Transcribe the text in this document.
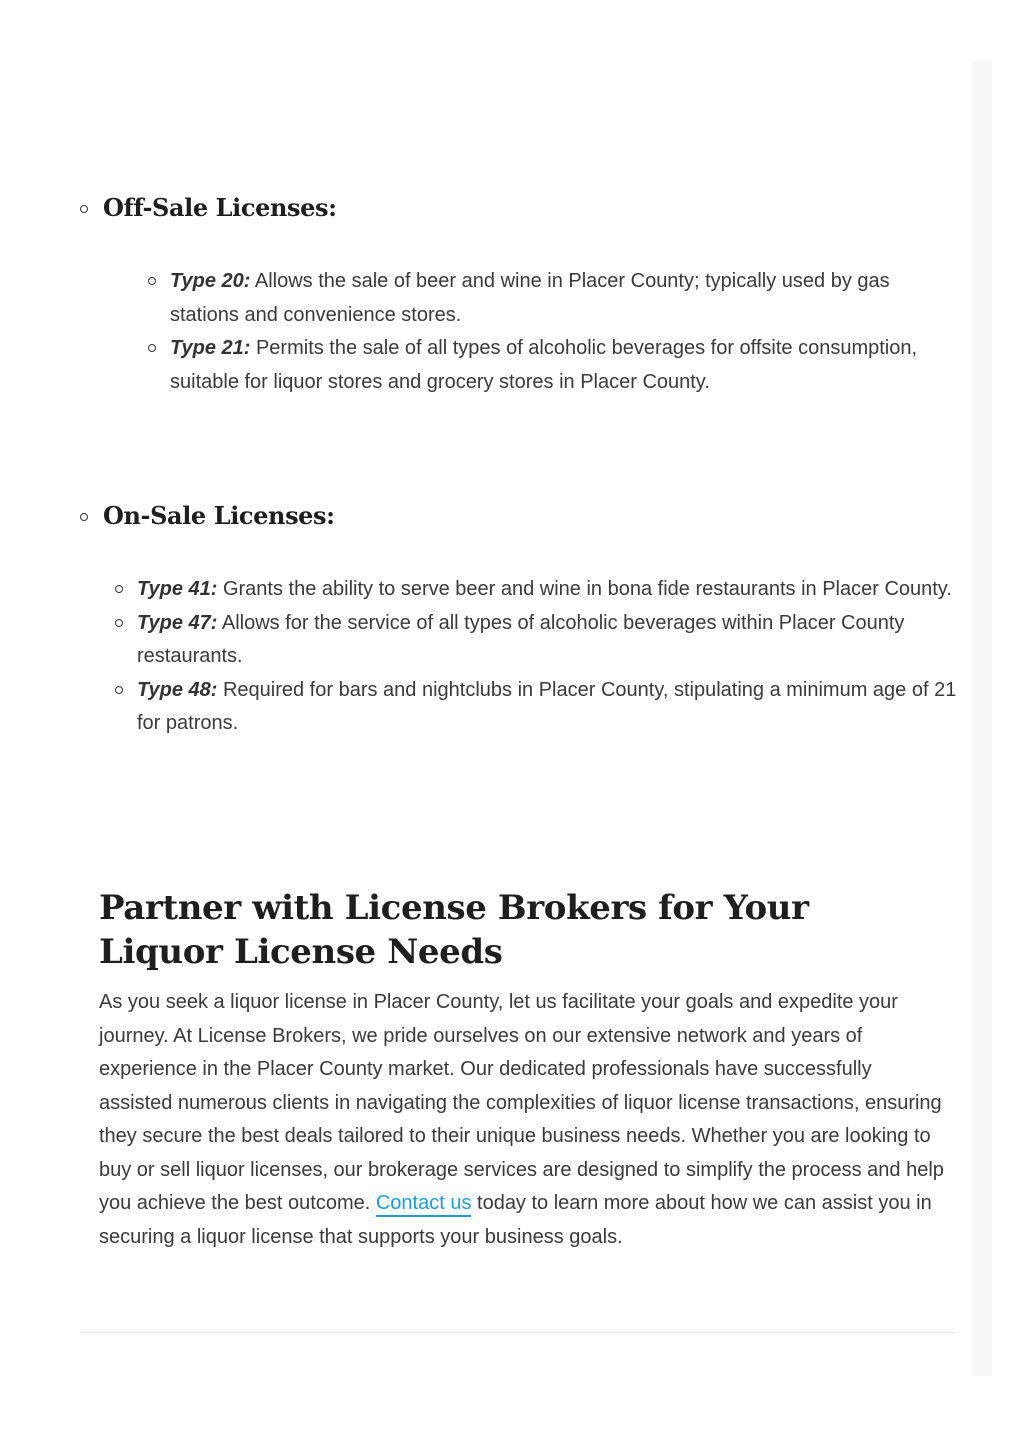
Off-Sale Licenses:
Type 20: Allows the sale of beer and wine in Placer County; typically used by gas stations and convenience stores.
Type 21: Permits the sale of all types of alcoholic beverages for offsite consumption, suitable for liquor stores and grocery stores in Placer County.
On-Sale Licenses:
Type 41: Grants the ability to serve beer and wine in bona fide restaurants in Placer County.
Type 47: Allows for the service of all types of alcoholic beverages within Placer County restaurants.
Type 48: Required for bars and nightclubs in Placer County, stipulating a minimum age of 21 for patrons.
Partner with License Brokers for Your Liquor License Needs

As you seek a liquor license in Placer County, let us facilitate your goals and expedite your journey. At License Brokers, we pride ourselves on our extensive network and years of experience in the Placer County market. Our dedicated professionals have successfully assisted numerous clients in navigating the complexities of liquor license transactions, ensuring they secure the best deals tailored to their unique business needs. Whether you are looking to buy or sell liquor licenses, our brokerage services are designed to simplify the process and help you achieve the best outcome. Contact us today to learn more about how we can assist you in securing a liquor license that supports your business goals.
